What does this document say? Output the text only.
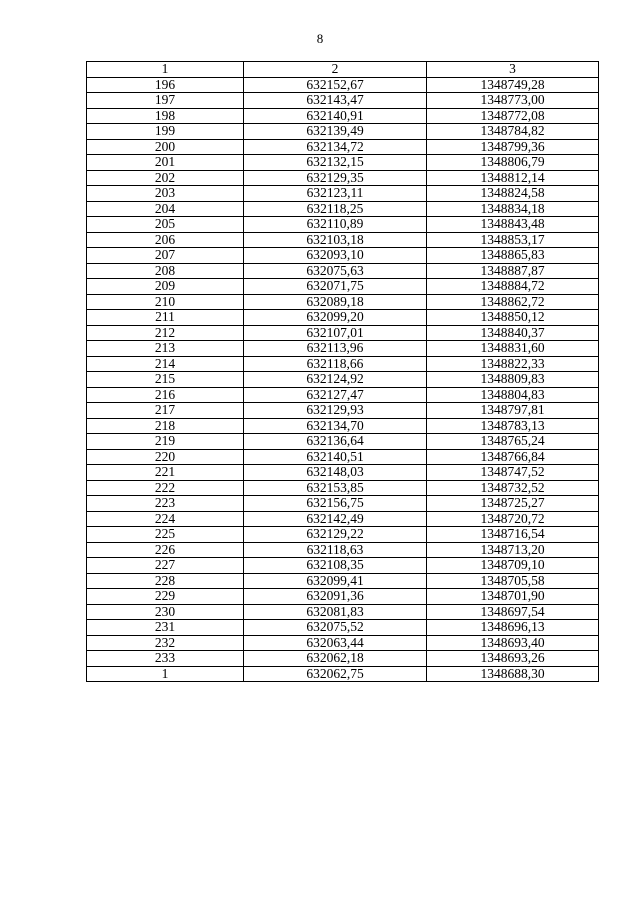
8
1	2	3
196	632152,67	1348749,28
197	632143,47	1348773,00
198	632140,91	1348772,08
199	632139,49	1348784,82
200	632134,72	1348799,36
201	632132,15	1348806,79
202	632129,35	1348812,14
203	632123,11	1348824,58
204	632118,25	1348834,18
205	632110,89	1348843,48
206	632103,18	1348853,17
207	632093,10	1348865,83
208	632075,63	1348887,87
209	632071,75	1348884,72
210	632089,18	1348862,72
211	632099,20	1348850,12
212	632107,01	1348840,37
213	632113,96	1348831,60
214	632118,66	1348822,33
215	632124,92	1348809,83
216	632127,47	1348804,83
217	632129,93	1348797,81
218	632134,70	1348783,13
219	632136,64	1348765,24
220	632140,51	1348766,84
221	632148,03	1348747,52
222	632153,85	1348732,52
223	632156,75	1348725,27
224	632142,49	1348720,72
225	632129,22	1348716,54
226	632118,63	1348713,20
227	632108,35	1348709,10
228	632099,41	1348705,58
229	632091,36	1348701,90
230	632081,83	1348697,54
231	632075,52	1348696,13
232	632063,44	1348693,40
233	632062,18	1348693,26
1	632062,75	1348688,30
